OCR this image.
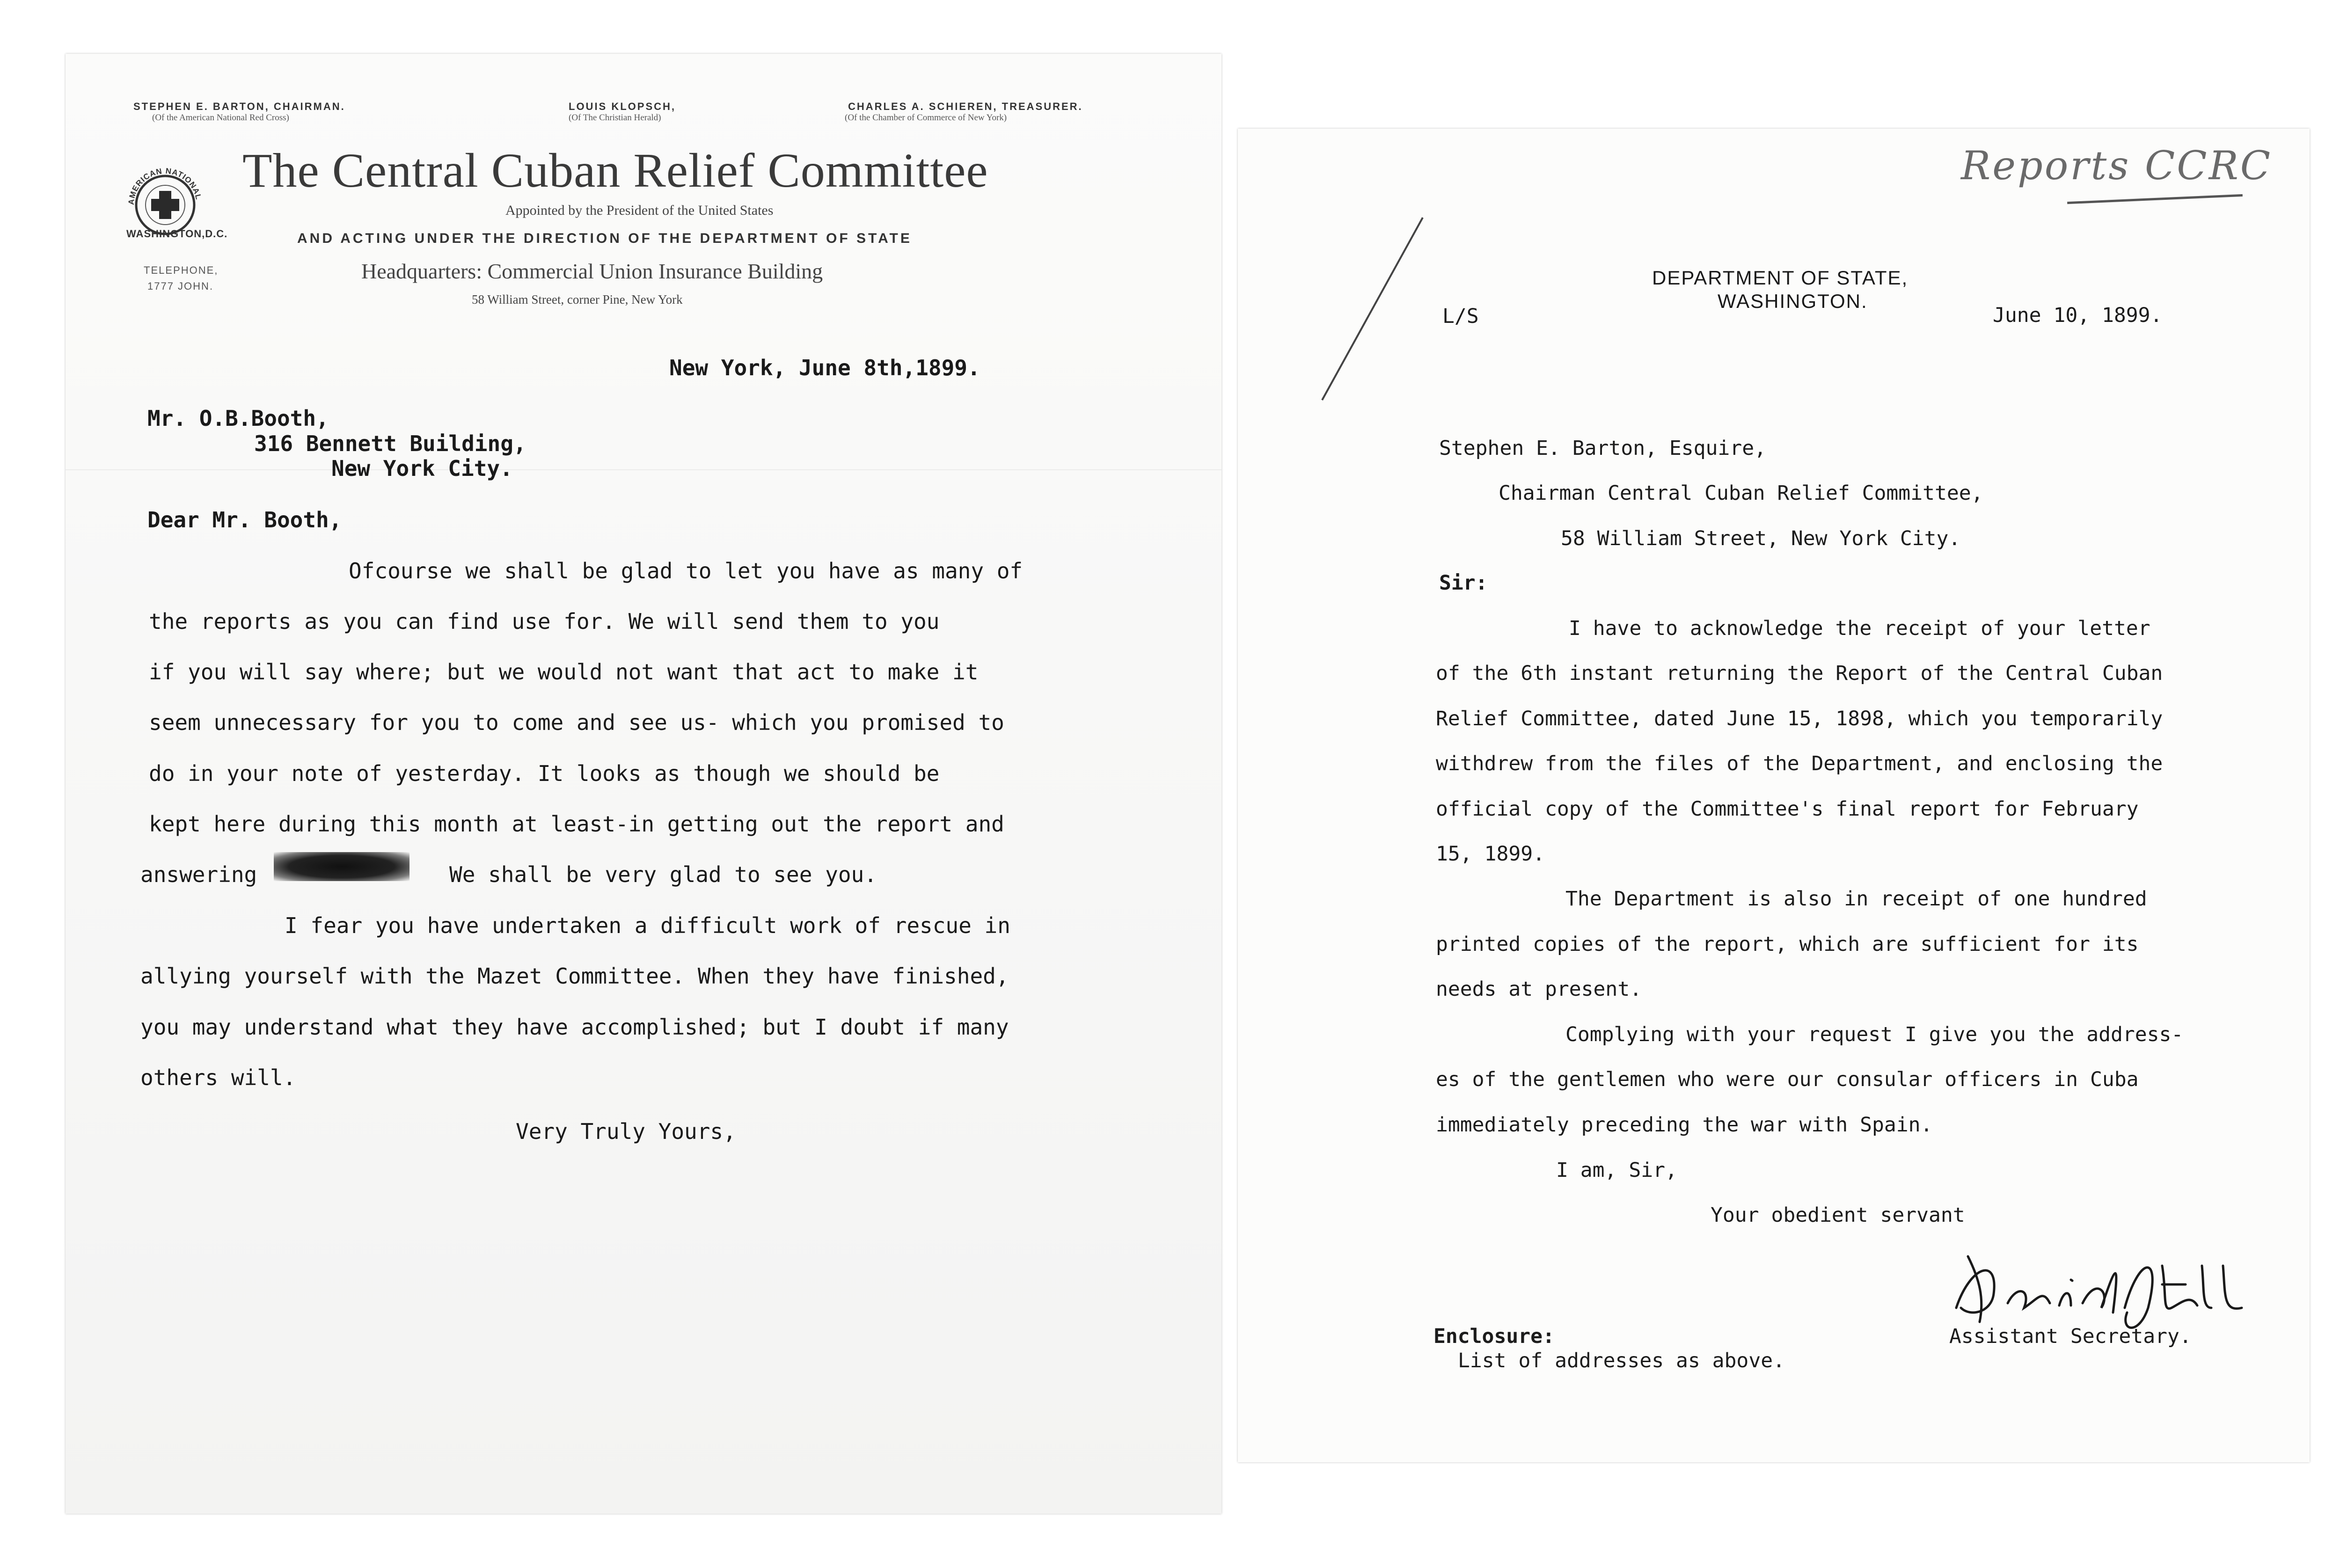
STEPHEN E. BARTON, CHAIRMAN.
(Of the American National Red Cross)
LOUIS KLOPSCH,
(Of The Christian Herald)
CHARLES A. SCHIEREN, TREASURER.
(Of the Chamber of Commerce of New York)
AMERICAN NATIONAL
WASHINGTON,D.C.
TELEPHONE,
1777 JOHN.
The Central Cuban Relief Committee
Appointed by the President of the United States
AND ACTING UNDER THE DIRECTION OF THE DEPARTMENT OF STATE
Headquarters: Commercial Union Insurance Building
58 William Street, corner Pine, New York
New York, June 8th,1899.
Mr. O.B.Booth,
316 Bennett Building,
New York City.
Dear Mr. Booth,
Ofcourse we shall be glad to let you have as many of
the reports as you can find use for. We will send them to you
if you will say where; but we would not want that act to make it
seem unnecessary for you to come and see us- which you promised to
do in your note of yesterday. It looks as though we should be
kept here during this month at least-in getting out the report and
answering	We shall be very glad to see you.
I fear you have undertaken a difficult work of rescue in
allying yourself with the Mazet Committee. When they have finished,
you may understand what they have accomplished; but I doubt if many
others will.
Very Truly Yours,
Reports CCRC
DEPARTMENT OF STATE,
WASHINGTON.
L/S	June 10, 1899.
Stephen E. Barton, Esquire,
Chairman Central Cuban Relief Committee,
58 William Street, New York City.
Sir:
I have to acknowledge the receipt of your letter
of the 6th instant returning the Report of the Central Cuban
Relief Committee, dated June 15, 1898, which you temporarily
withdrew from the files of the Department, and enclosing the
official copy of the Committee's final report for February
15, 1899.
The Department is also in receipt of one hundred
printed copies of the report, which are sufficient for its
needs at present.
Complying with your request I give you the address-
es of the gentlemen who were our consular officers in Cuba
immediately preceding the war with Spain.
I am, Sir,
Your obedient servant
David J. Hill Assistant Secretary.
Enclosure:
List of addresses as above.
